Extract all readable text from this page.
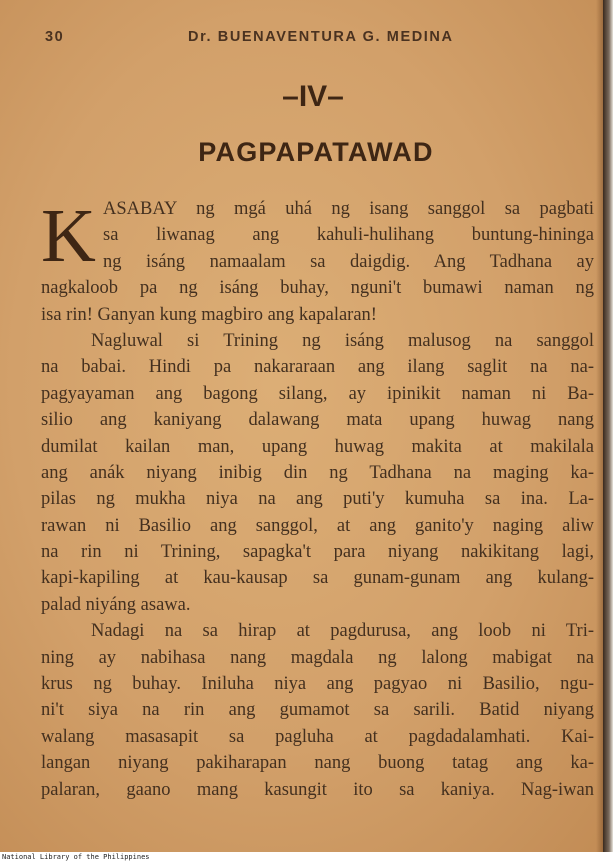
30	Dr. BUENAVENTURA G. MEDINA
–IV–
PAGPAPATAWAD
K ASABAY ng mgá uhá ng isang sanggol sa pagbati
sa liwanag ang kahuli-hulihang buntung-hininga
ng isáng namaalam sa daigdig. Ang Tadhana ay
nagkaloob pa ng isáng buhay, nguni't bumawi naman ng
isa rin! Ganyan kung magbiro ang kapalaran!
Nagluwal si Trining ng isáng malusog na sanggol
na babai. Hindi pa nakararaan ang ilang saglit na na-
pagyayaman ang bagong silang, ay ipinikit naman ni Ba-
silio ang kaniyang dalawang mata upang huwag nang
dumilat kailan man, upang huwag makita at makilala
ang anák niyang inibig din ng Tadhana na maging ka-
pilas ng mukha niya na ang puti'y kumuha sa ina. La-
rawan ni Basilio ang sanggol, at ang ganito'y naging aliw
na rin ni Trining, sapagka't para niyang nakikitang lagi,
kapi-kapiling at kau-kausap sa gunam-gunam ang kulang-
palad niyáng asawa.
Nadagi na sa hirap at pagdurusa, ang loob ni Tri-
ning ay nabihasa nang magdala ng lalong mabigat na
krus ng buhay. Iniluha niya ang pagyao ni Basilio, ngu-
ni't siya na rin ang gumamot sa sarili. Batid niyang
walang masasapit sa pagluha at pagdadalamhati. Kai-
langan niyang pakiharapan nang buong tatag ang ka-
palaran, gaano mang kasungit ito sa kaniya. Nag-iwan
National Library of the Philippines
